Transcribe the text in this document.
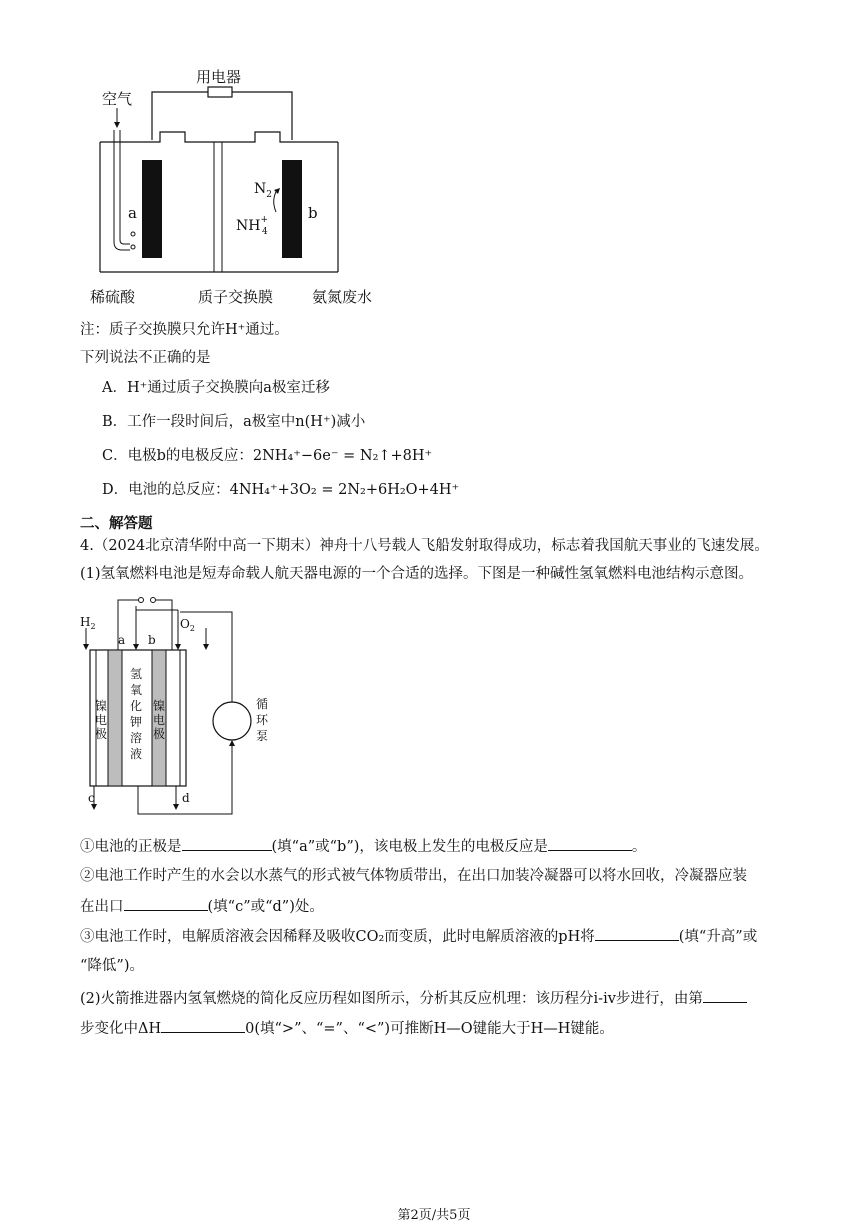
用电器
空气
a	b
$N_2$
NH+ 4
稀硫酸	质子交换膜	氨氮废水
注：质子交换膜只允许H⁺通过。
下列说法不正确的是
A．H⁺通过质子交换膜向a极室迁移
B．工作一段时间后，a极室中n(H⁺)减小
C．电极b的电极反应：2NH₄⁺−6e⁻ = N₂↑+8H⁺
D．电池的总反应：4NH₄⁺+3O₂ = 2N₂+6H₂O+4H⁺
二、解答题
4.（2024北京清华附中高一下期末）神舟十八号载人飞船发射取得成功，标志着我国航天事业的飞速发展。
(1)氢氧燃料电池是短寿命载人航天器电源的一个合适的选择。下图是一种碱性氢氧燃料电池结构示意图。
$H_2$	$O_2$
a b
镍电极
镍电极
氢氧化钾溶液
c	d
循环泵
①电池的正极是	(填“a”或“b”)，该电极上发生的电极反应是	。
②电池工作时产生的水会以水蒸气的形式被气体物质带出，在出口加装冷凝器可以将水回收，冷凝器应装
在出口	(填“c”或“d”)处。
③电池工作时，电解质溶液会因稀释及吸收CO₂而变质，此时电解质溶液的pH将	(填“升高”或
“降低”)。
(2)火箭推进器内氢氧燃烧的简化反应历程如图所示，分析其反应机理：该历程分i-iv步进行，由第
步变化中ΔH	0(填“>”、“=”、“<”)可推断H—O键能大于H—H键能。
第2页/共5页
